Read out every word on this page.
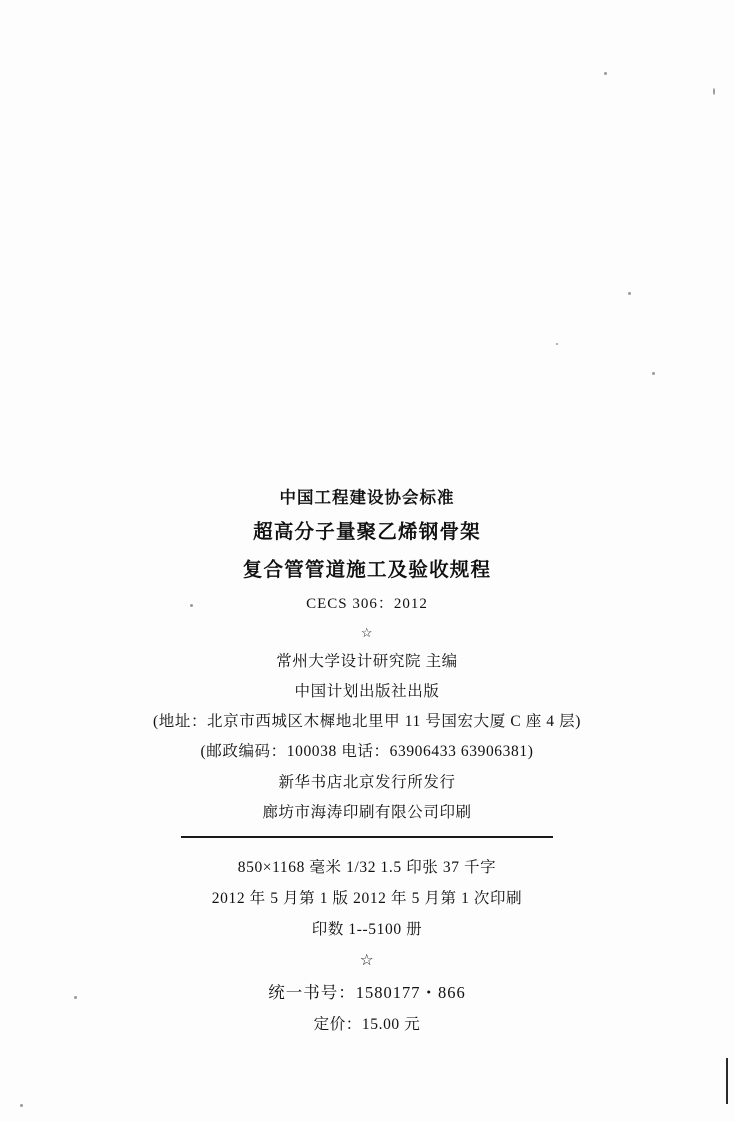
中国工程建设协会标准
超高分子量聚乙烯钢骨架
复合管管道施工及验收规程
CECS 306：2012
☆
常州大学设计研究院 主编
中国计划出版社出版
(地址：北京市西城区木樨地北里甲 11 号国宏大厦 C 座 4 层)
(邮政编码：100038 电话：63906433 63906381)
新华书店北京发行所发行
廊坊市海涛印刷有限公司印刷
850×1168 毫米 1/32 1.5 印张 37 千字
2012 年 5 月第 1 版 2012 年 5 月第 1 次印刷
印数 1--5100 册
☆
统一书号：1580177・866
定价：15.00 元
